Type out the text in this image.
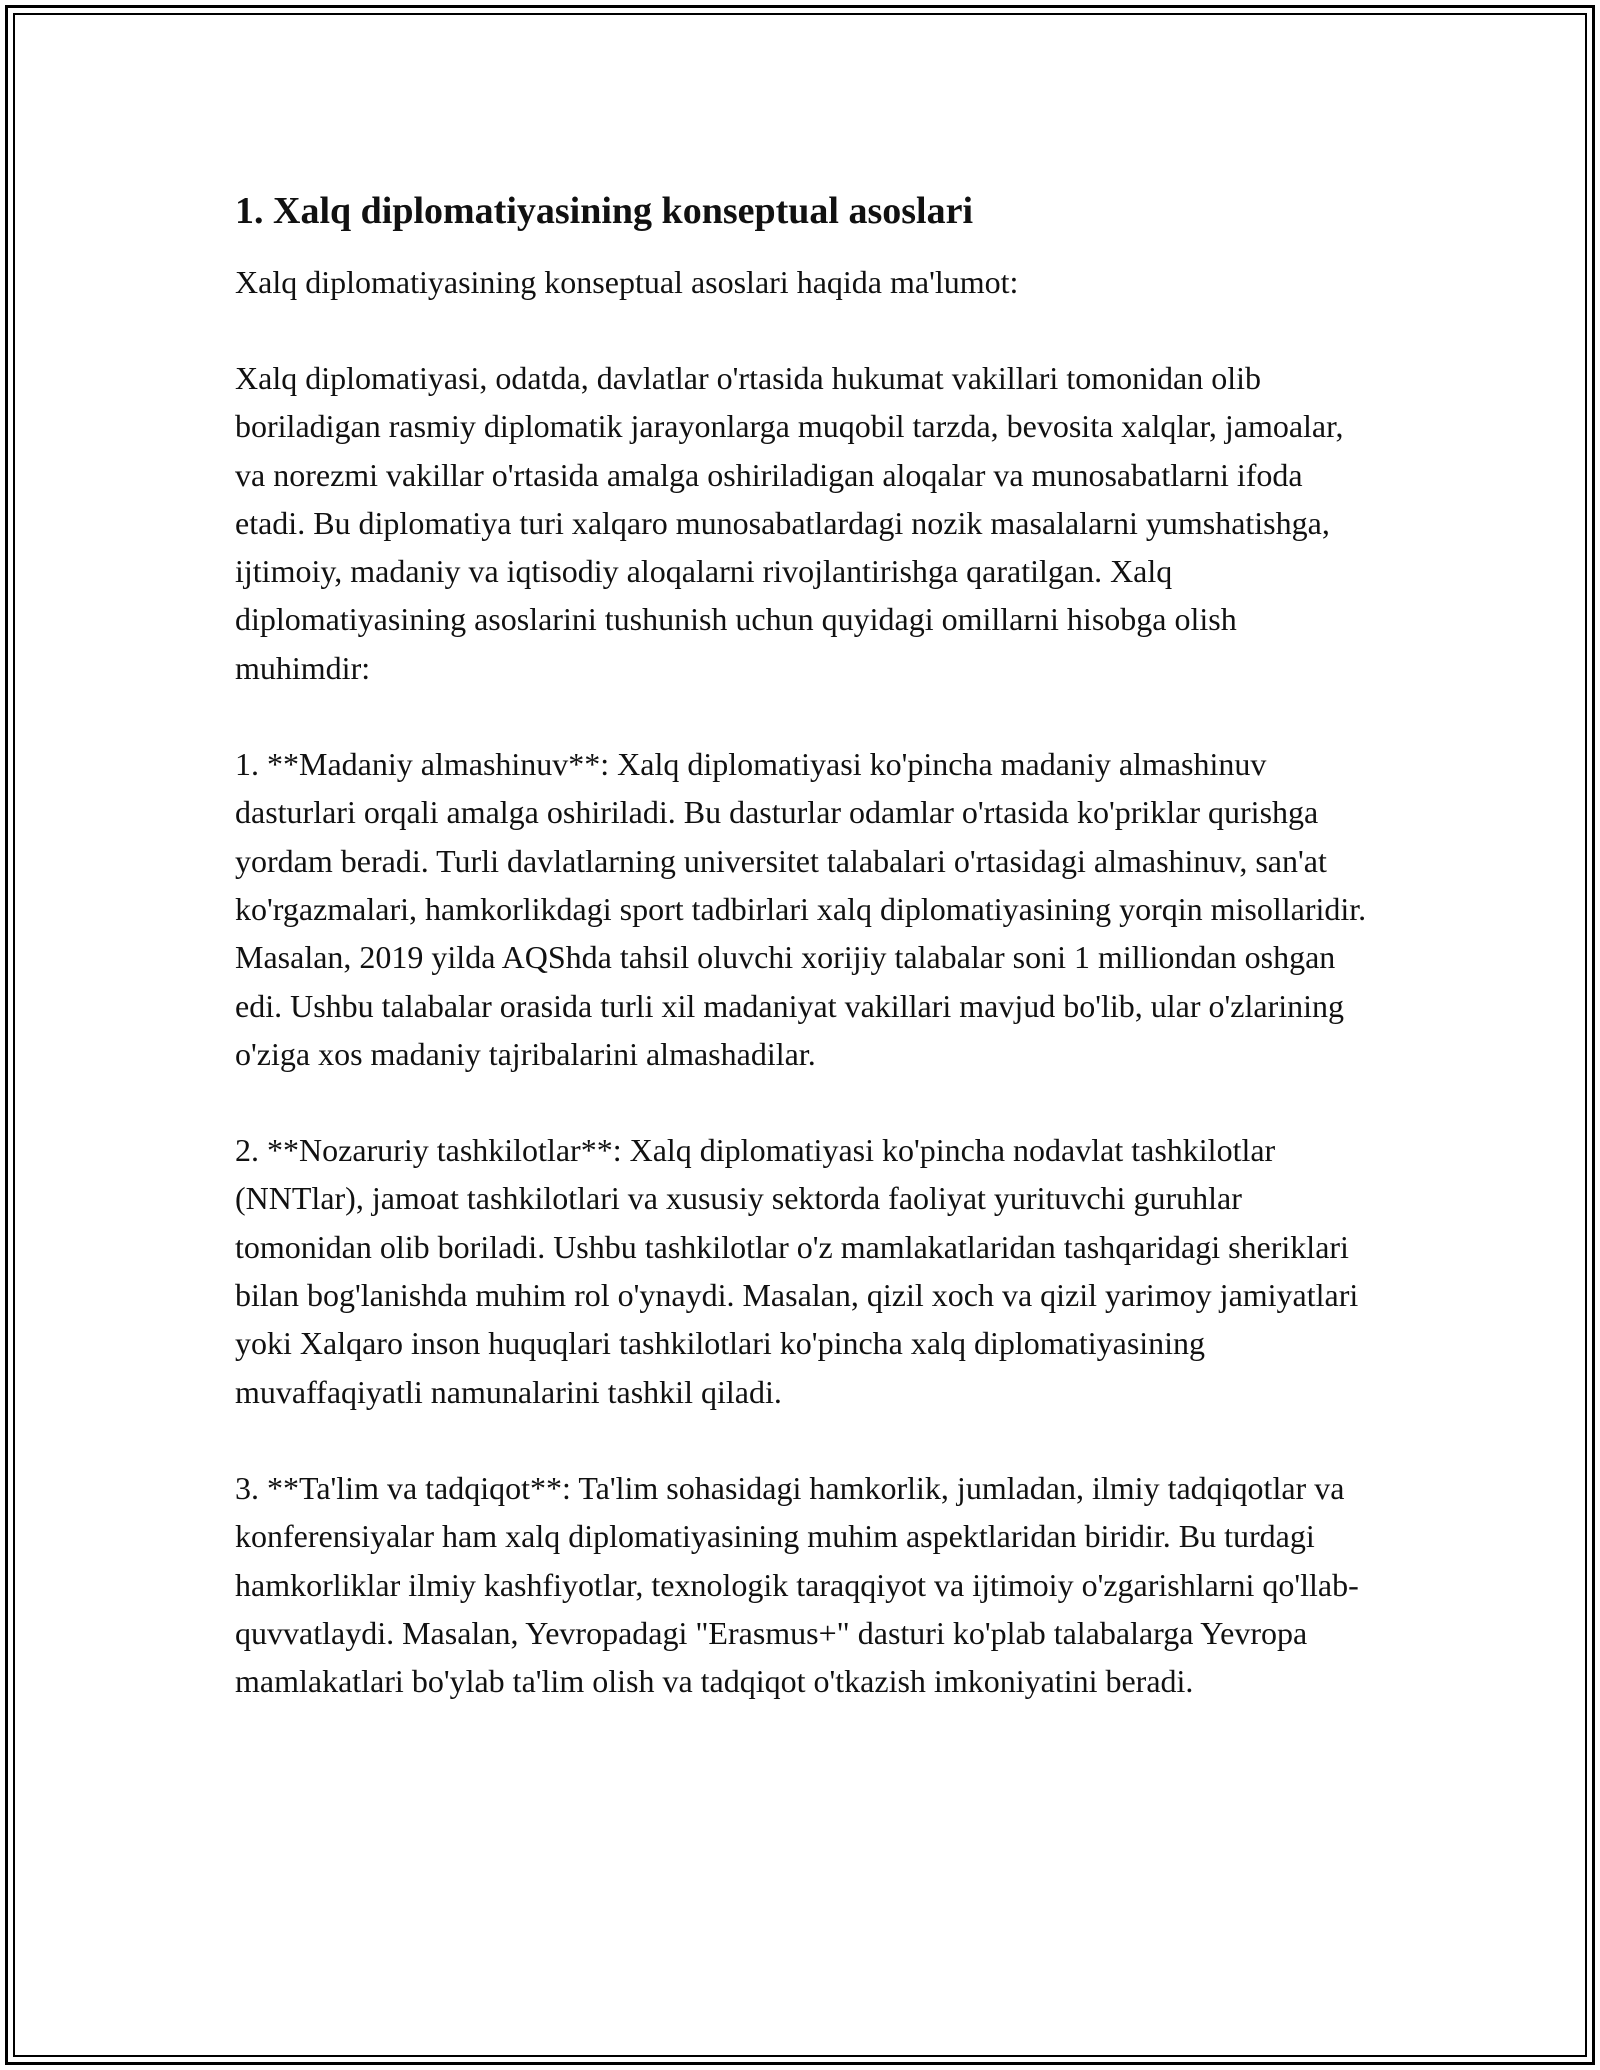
1. Xalq diplomatiyasining konseptual asoslari

Xalq diplomatiyasining konseptual asoslari haqida ma'lumot:

Xalq diplomatiyasi, odatda, davlatlar o'rtasida hukumat vakillari tomonidan olib boriladigan rasmiy diplomatik jarayonlarga muqobil tarzda, bevosita xalqlar, jamoalar, va norezmi vakillar o'rtasida amalga oshiriladigan aloqalar va munosabatlarni ifoda etadi. Bu diplomatiya turi xalqaro munosabatlardagi nozik masalalarni yumshatishga, ijtimoiy, madaniy va iqtisodiy aloqalarni rivojlantirishga qaratilgan. Xalq diplomatiyasining asoslarini tushunish uchun quyidagi omillarni hisobga olish muhimdir:

1. **Madaniy almashinuv**: Xalq diplomatiyasi ko'pincha madaniy almashinuv dasturlari orqali amalga oshiriladi. Bu dasturlar odamlar o'rtasida ko'priklar qurishga yordam beradi. Turli davlatlarning universitet talabalari o'rtasidagi almashinuv, san'at ko'rgazmalari, hamkorlikdagi sport tadbirlari xalq diplomatiyasining yorqin misollaridir. Masalan, 2019 yilda AQShda tahsil oluvchi xorijiy talabalar soni 1 milliondan oshgan edi. Ushbu talabalar orasida turli xil madaniyat vakillari mavjud bo'lib, ular o'zlarining o'ziga xos madaniy tajribalarini almashadilar.

2. **Nozaruriy tashkilotlar**: Xalq diplomatiyasi ko'pincha nodavlat tashkilotlar (NNTlar), jamoat tashkilotlari va xususiy sektorda faoliyat yurituvchi guruhlar tomonidan olib boriladi. Ushbu tashkilotlar o'z mamlakatlaridan tashqaridagi sheriklari bilan bog'lanishda muhim rol o'ynaydi. Masalan, qizil xoch va qizil yarimoy jamiyatlari yoki Xalqaro inson huquqlari tashkilotlari ko'pincha xalq diplomatiyasining muvaffaqiyatli namunalarini tashkil qiladi.

3. **Ta'lim va tadqiqot**: Ta'lim sohasidagi hamkorlik, jumladan, ilmiy tadqiqotlar va konferensiyalar ham xalq diplomatiyasining muhim aspektlaridan biridir. Bu turdagi hamkorliklar ilmiy kashfiyotlar, texnologik taraqqiyot va ijtimoiy o'zgarishlarni qo'llab-quvvatlaydi. Masalan, Yevropadagi "Erasmus+" dasturi ko'plab talabalarga Yevropa mamlakatlari bo'ylab ta'lim olish va tadqiqot o'tkazish imkoniyatini beradi.
